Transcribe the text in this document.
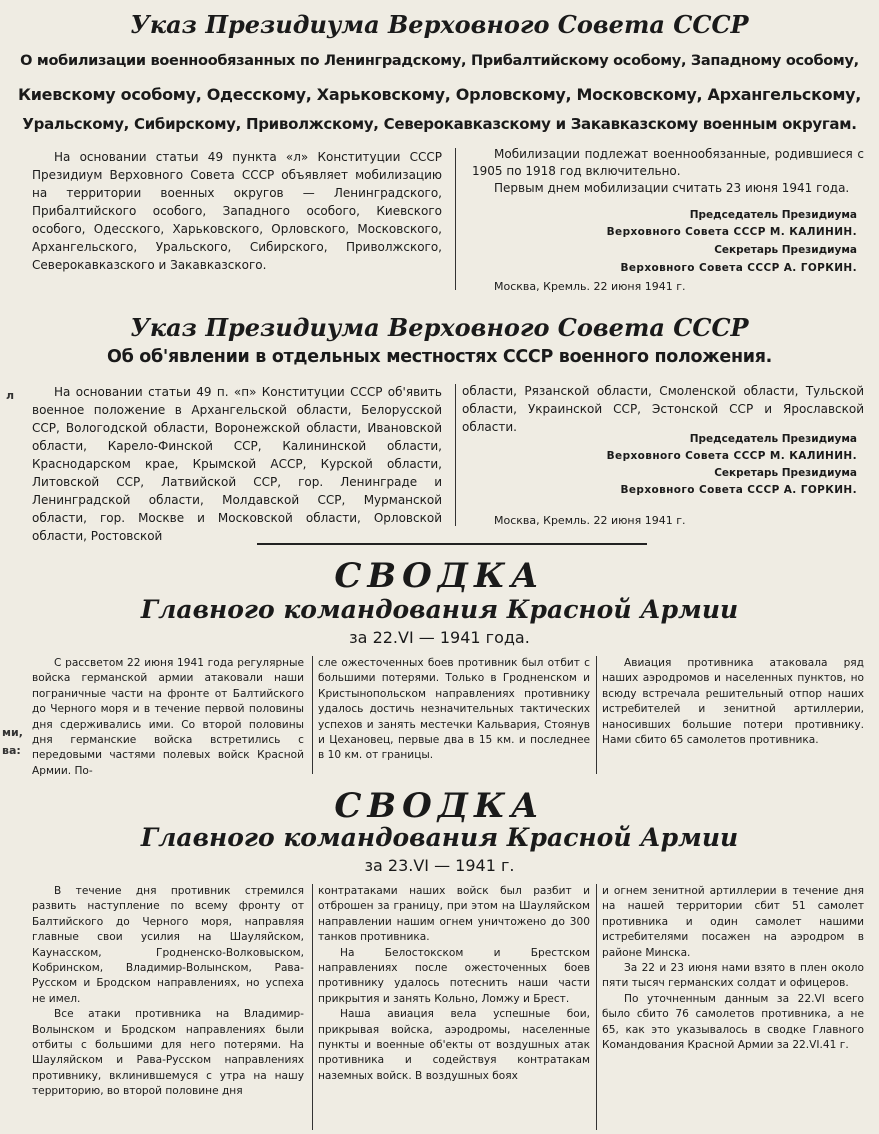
Указ Президиума Верховного Совета СССР
О мобилизации военнообязанных по Ленинградскому, Прибалтийскому особому, Западному особому,
Киевскому особому, Одесскому, Харьковскому, Орловскому, Московскому, Архангельскому,
Уральскому, Сибирскому, Приволжскому, Северокавказскому и Закавказскому военным округам.

На основании статьи 49 пункта «л» Конституции СССР Президиум Верховного Совета СССР объявляет мобилизацию на территории военных округов — Ленинградского, Прибалтийского особого, Западного особого, Киевского особого, Одесского, Харьковского, Орловского, Московского, Архангельского, Уральского, Сибирского, Приволжского, Северокавказского и Закавказского.

Мобилизации подлежат военнообязанные, родившиеся с 1905 по 1918 год включительно.

Первым днем мобилизации считать 23 июня 1941 года.

Председатель Президиума
Верховного Совета СССР М. КАЛИНИН.
Секретарь Президиума
Верховного Совета СССР А. ГОРКИН.
Москва, Кремль. 22 июня 1941 г.
Указ Президиума Верховного Совета СССР
Об об'явлении в отдельных местностях СССР военного положения.
л	На основании статьи 49 п. «п» Конституции СССР об'явить военное положение в Архангельской области, Белорусской ССР, Вологодской области, Воронежской области, Ивановской области, Карело-Финской ССР, Калининской области, Краснодарском крае, Крымской АССР, Курской области, Литовской ССР, Латвийской ССР, гор. Ленинграде и Ленинградской области, Молдавской ССР, Мурманской области, гор. Москве и Московской области, Орловской области, Ростовской

области, Рязанской области, Смоленской области, Тульской области, Украинской ССР, Эстонской ССР и Ярославской области.

Председатель Президиума
Верховного Совета СССР М. КАЛИНИН.
Секретарь Президиума
Верховного Совета СССР А. ГОРКИН.
Москва, Кремль. 22 июня 1941 г.
СВОДКА
Главного командования Красной Армии
за 22.VI — 1941 года.
ми,
ва:

С рассветом 22 июня 1941 года регулярные войска германской армии атаковали наши пограничные части на фронте от Балтийского до Черного моря и в течение первой половины дня сдерживались ими. Со второй половины дня германские войска встретились с передовыми частями полевых войск Красной Армии. По-

сле ожесточенных боев противник был отбит с большими потерями. Только в Гродненском и Кристынопольском направлениях противнику удалось достичь незначительных тактических успехов и занять местечки Кальвария, Стоянув и Цехановец, первые два в 15 км. и последнее в 10 км. от границы.

Авиация противника атаковала ряд наших аэродромов и населенных пунктов, но всюду встречала решительный отпор наших истребителей и зенитной артиллерии, наносивших большие потери противнику. Нами сбито 65 самолетов противника.

СВОДКА
Главного командования Красной Армии
за 23.VI — 1941 г.

В течение дня противник стремился развить наступление по всему фронту от Балтийского до Черного моря, направляя главные свои усилия на Шауляйском, Каунасском, Гродненско-Волковыском, Кобринском, Владимир-Волынском, Рава-Русском и Бродском направлениях, но успеха не имел.

Все атаки противника на Владимир-Волынском и Бродском направлениях были отбиты с большими для него потерями. На Шауляйском и Рава-Русском направлениях противнику, вклинившемуся с утра на нашу территорию, во второй половине дня

контратаками наших войск был разбит и отброшен за границу, при этом на Шауляйском направлении нашим огнем уничтожено до 300 танков противника.

На Белостокском и Брестском направлениях после ожесточенных боев противнику удалось потеснить наши части прикрытия и занять Кольно, Ломжу и Брест.

Наша авиация вела успешные бои, прикрывая войска, аэродромы, населенные пункты и военные об'екты от воздушных атак противника и содействуя контратакам наземных войск. В воздушных боях

и огнем зенитной артиллерии в течение дня на нашей территории сбит 51 самолет противника и один самолет нашими истребителями посажен на аэродром в районе Минска.

За 22 и 23 июня нами взято в плен около пяти тысяч германских солдат и офицеров.

По уточненным данным за 22.VI всего было сбито 76 самолетов противника, а не 65, как это указывалось в сводке Главного Командования Красной Армии за 22.VI.41 г.
